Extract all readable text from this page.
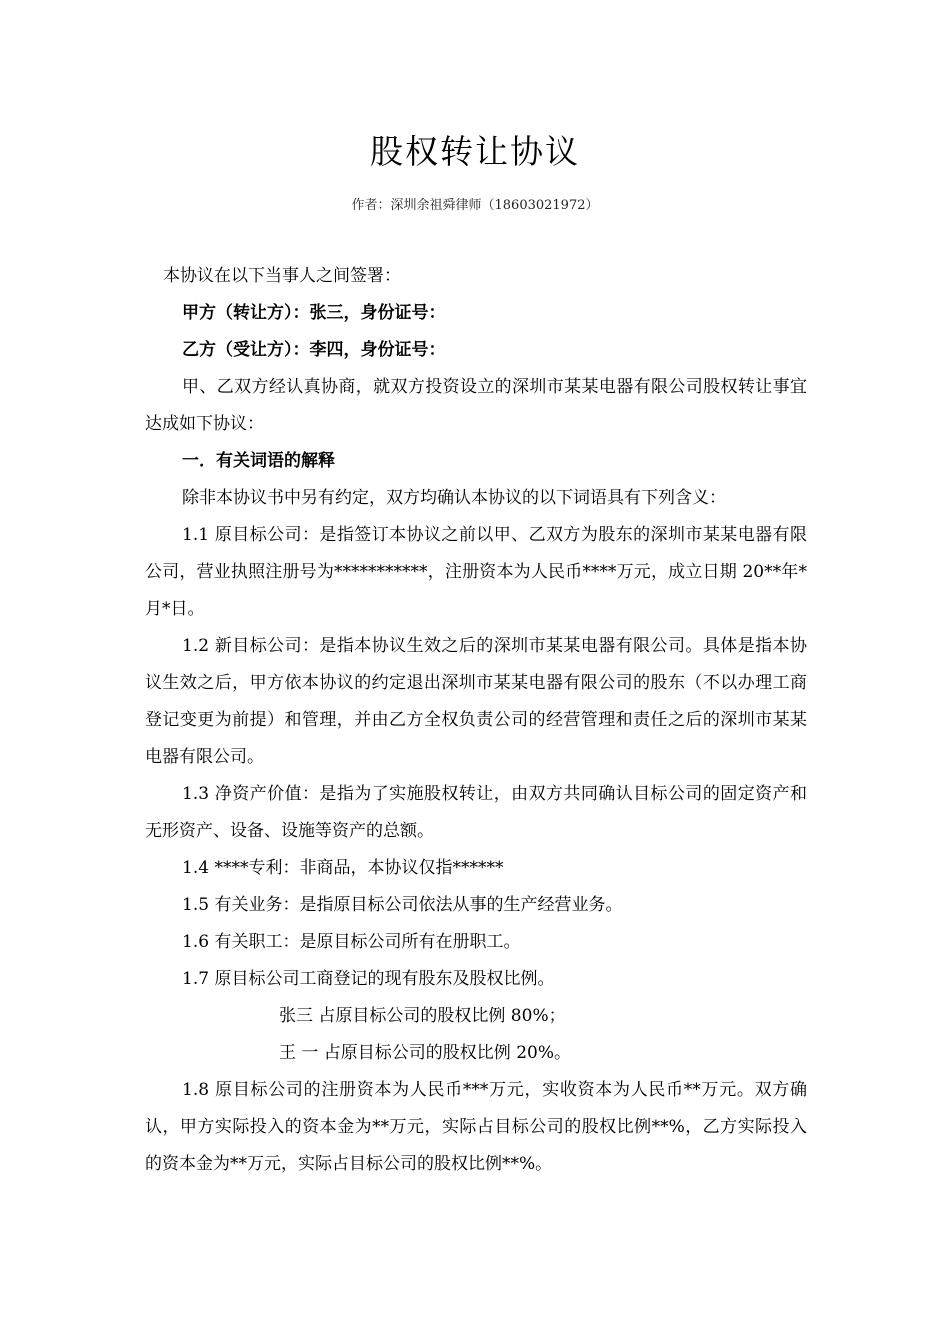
股权转让协议
作者：深圳余祖舜律师（18603021972）

本协议在以下当事人之间签署：

甲方（转让方）：张三，身份证号：

乙方（受让方）：李四，身份证号：

甲、乙双方经认真协商，就双方投资设立的深圳市某某电器有限公司股权转让事宜达成如下协议：

一．有关词语的解释

除非本协议书中另有约定，双方均确认本协议的以下词语具有下列含义：

1.1 原目标公司：是指签订本协议之前以甲、乙双方为股东的深圳市某某电器有限公司，营业执照注册号为***********，注册资本为人民币****万元，成立日期 20**年*月*日。

1.2 新目标公司：是指本协议生效之后的深圳市某某电器有限公司。具体是指本协议生效之后，甲方依本协议的约定退出深圳市某某电器有限公司的股东（不以办理工商登记变更为前提）和管理，并由乙方全权负责公司的经营管理和责任之后的深圳市某某电器有限公司。

1.3 净资产价值：是指为了实施股权转让，由双方共同确认目标公司的固定资产和无形资产、设备、设施等资产的总额。

1.4 ****专利：非商品，本协议仅指******

1.5 有关业务：是指原目标公司依法从事的生产经营业务。

1.6 有关职工：是原目标公司所有在册职工。

1.7 原目标公司工商登记的现有股东及股权比例。

张三 占原目标公司的股权比例 80%；

王 一 占原目标公司的股权比例 20%。

1.8 原目标公司的注册资本为人民币***万元，实收资本为人民币**万元。双方确认，甲方实际投入的资本金为**万元，实际占目标公司的股权比例**%，乙方实际投入的资本金为**万元，实际占目标公司的股权比例**%。
